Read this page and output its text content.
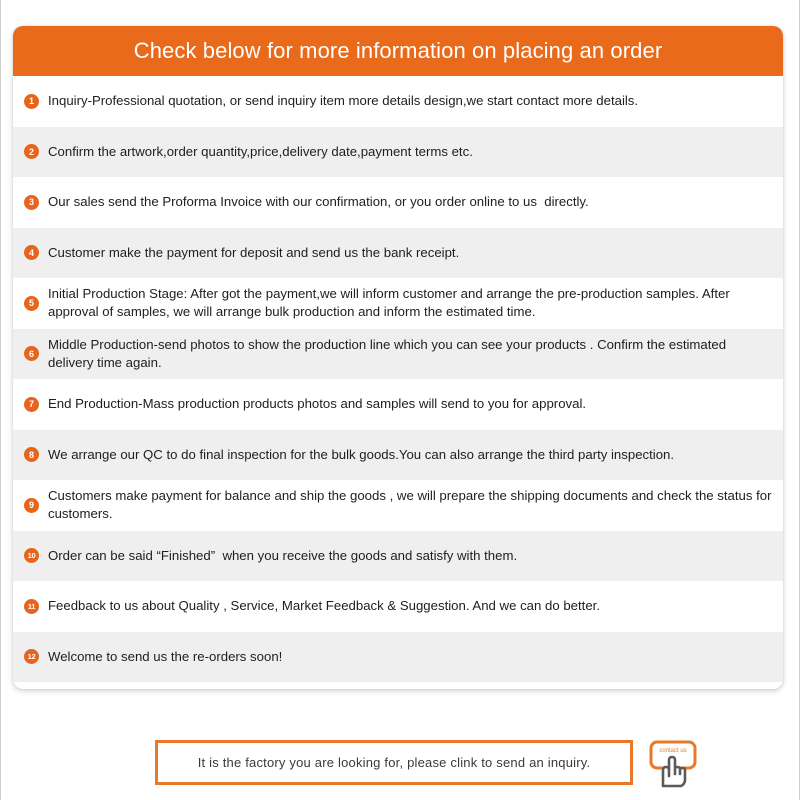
Check below for more information on placing an order
1	Inquiry-Professional quotation, or send inquiry item more details design,we start contact more details.
2	Confirm the artwork,order quantity,price,delivery date,payment terms etc.
3	Our sales send the Proforma Invoice with our confirmation, or you order online to us  directly.
4	Customer make the payment for deposit and send us the bank receipt.
5
Initial Production Stage: After got the payment,we will inform customer and arrange the pre-production samples. After approval of samples, we will arrange bulk production and inform the estimated time.
6
Middle Production-send photos to show the production line which you can see your products . Confirm the estimated delivery time again.
7	End Production-Mass production products photos and samples will send to you for approval.
8	We arrange our QC to do final inspection for the bulk goods.You can also arrange the third party inspection.
9
Customers make payment for balance and ship the goods , we will prepare the shipping documents and check the status for customers.
10 Order can be said “Finished”  when you receive the goods and satisfy with them.
11 Feedback to us about Quality , Service, Market Feedback & Suggestion. And we can do better.
12 Welcome to send us the re-orders soon!
It is the factory you are looking for, please clink to send an inquiry.
contact us
